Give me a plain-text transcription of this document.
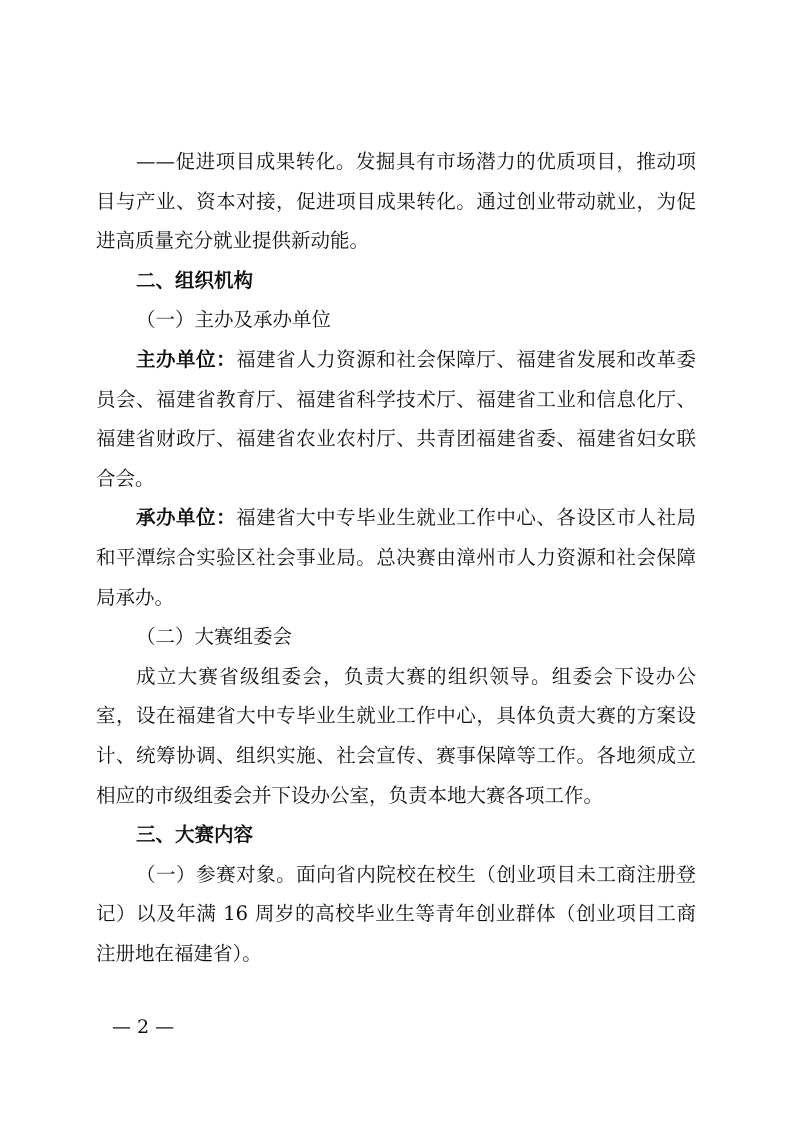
——促进项目成果转化。发掘具有市场潜力的优质项目，推动项目与产业、资本对接，促进项目成果转化。通过创业带动就业，为促进高质量充分就业提供新动能。

二、组织机构

（一）主办及承办单位

主办单位：福建省人力资源和社会保障厅、福建省发展和改革委员会、福建省教育厅、福建省科学技术厅、福建省工业和信息化厅、福建省财政厅、福建省农业农村厅、共青团福建省委、福建省妇女联合会。

承办单位：福建省大中专毕业生就业工作中心、各设区市人社局和平潭综合实验区社会事业局。总决赛由漳州市人力资源和社会保障局承办。

（二）大赛组委会

成立大赛省级组委会，负责大赛的组织领导。组委会下设办公室，设在福建省大中专毕业生就业工作中心，具体负责大赛的方案设计、统筹协调、组织实施、社会宣传、赛事保障等工作。各地须成立相应的市级组委会并下设办公室，负责本地大赛各项工作。

三、大赛内容

（一）参赛对象。面向省内院校在校生（创业项目未工商注册登记）以及年满 16 周岁的高校毕业生等青年创业群体（创业项目工商注册地在福建省）。

— 2 —
